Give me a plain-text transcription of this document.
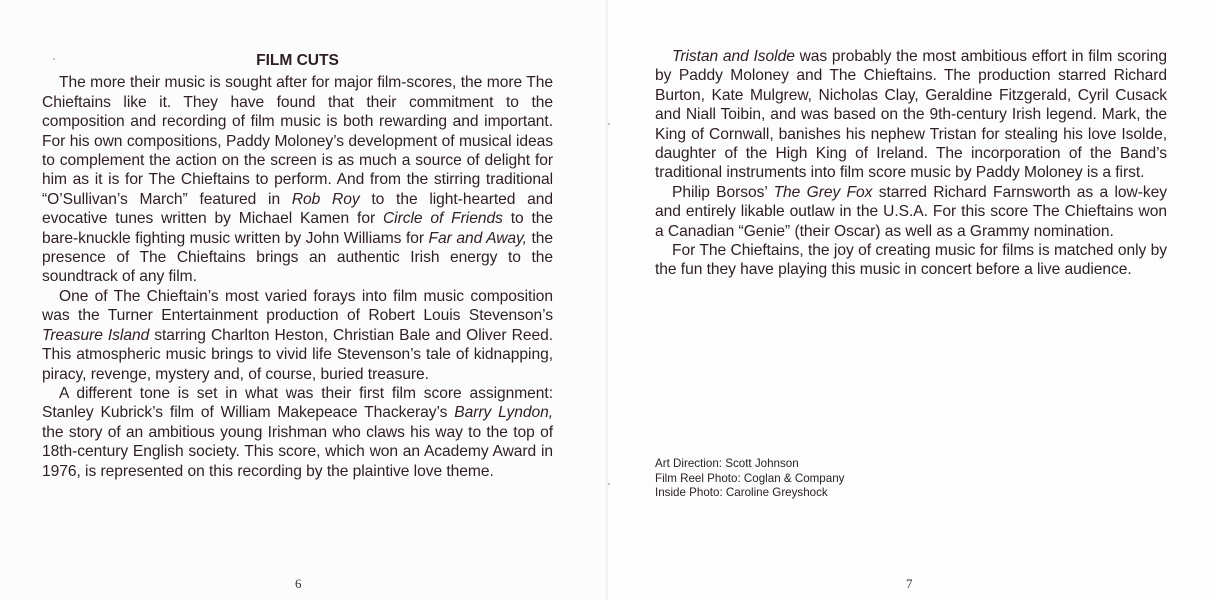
FILM CUTS

The more their music is sought after for major film-scores, the more The Chieftains like it. They have found that their commitment to the composition and recording of film music is both rewarding and important. For his own compositions, Paddy Moloney’s development of musical ideas to complement the action on the screen is as much a source of delight for him as it is for The Chieftains to perform. And from the stirring traditional “O’Sullivan’s March” featured in Rob Roy to the light-hearted and evocative tunes written by Michael Kamen for Circle of Friends to the bare-knuckle fighting music written by John Williams for Far and Away, the presence of The Chieftains brings an authentic Irish energy to the soundtrack of any film.

One of The Chieftain’s most varied forays into film music composition was the Turner Entertainment production of Robert Louis Stevenson’s Treasure Island starring Charlton Heston, Christian Bale and Oliver Reed. This atmospheric music brings to vivid life Stevenson’s tale of kidnapping, piracy, revenge, mystery and, of course, buried treasure.

A different tone is set in what was their first film score assignment: Stanley Kubrick’s film of William Makepeace Thackeray’s Barry Lyndon, the story of an ambitious young Irishman who claws his way to the top of 18th-century English society. This score, which won an Academy Award in 1976, is represented on this recording by the plaintive love theme.

6

Tristan and Isolde was probably the most ambitious effort in film scoring by Paddy Moloney and The Chieftains. The production starred Richard Burton, Kate Mulgrew, Nicholas Clay, Geraldine Fitzgerald, Cyril Cusack and Niall Toibin, and was based on the 9th-century Irish legend. Mark, the King of Cornwall, banishes his nephew Tristan for stealing his love Isolde, daughter of the High King of Ireland. The incorporation of the Band’s traditional instruments into film score music by Paddy Moloney is a first.

Philip Borsos’ The Grey Fox starred Richard Farnsworth as a low-key and entirely likable outlaw in the U.S.A. For this score The Chieftains won a Canadian “Genie” (their Oscar) as well as a Grammy nomination.

For The Chieftains, the joy of creating music for films is matched only by the fun they have playing this music in concert before a live audience.

Art Direction: Scott Johnson
Film Reel Photo: Coglan & Company
Inside Photo: Caroline Greyshock
7
